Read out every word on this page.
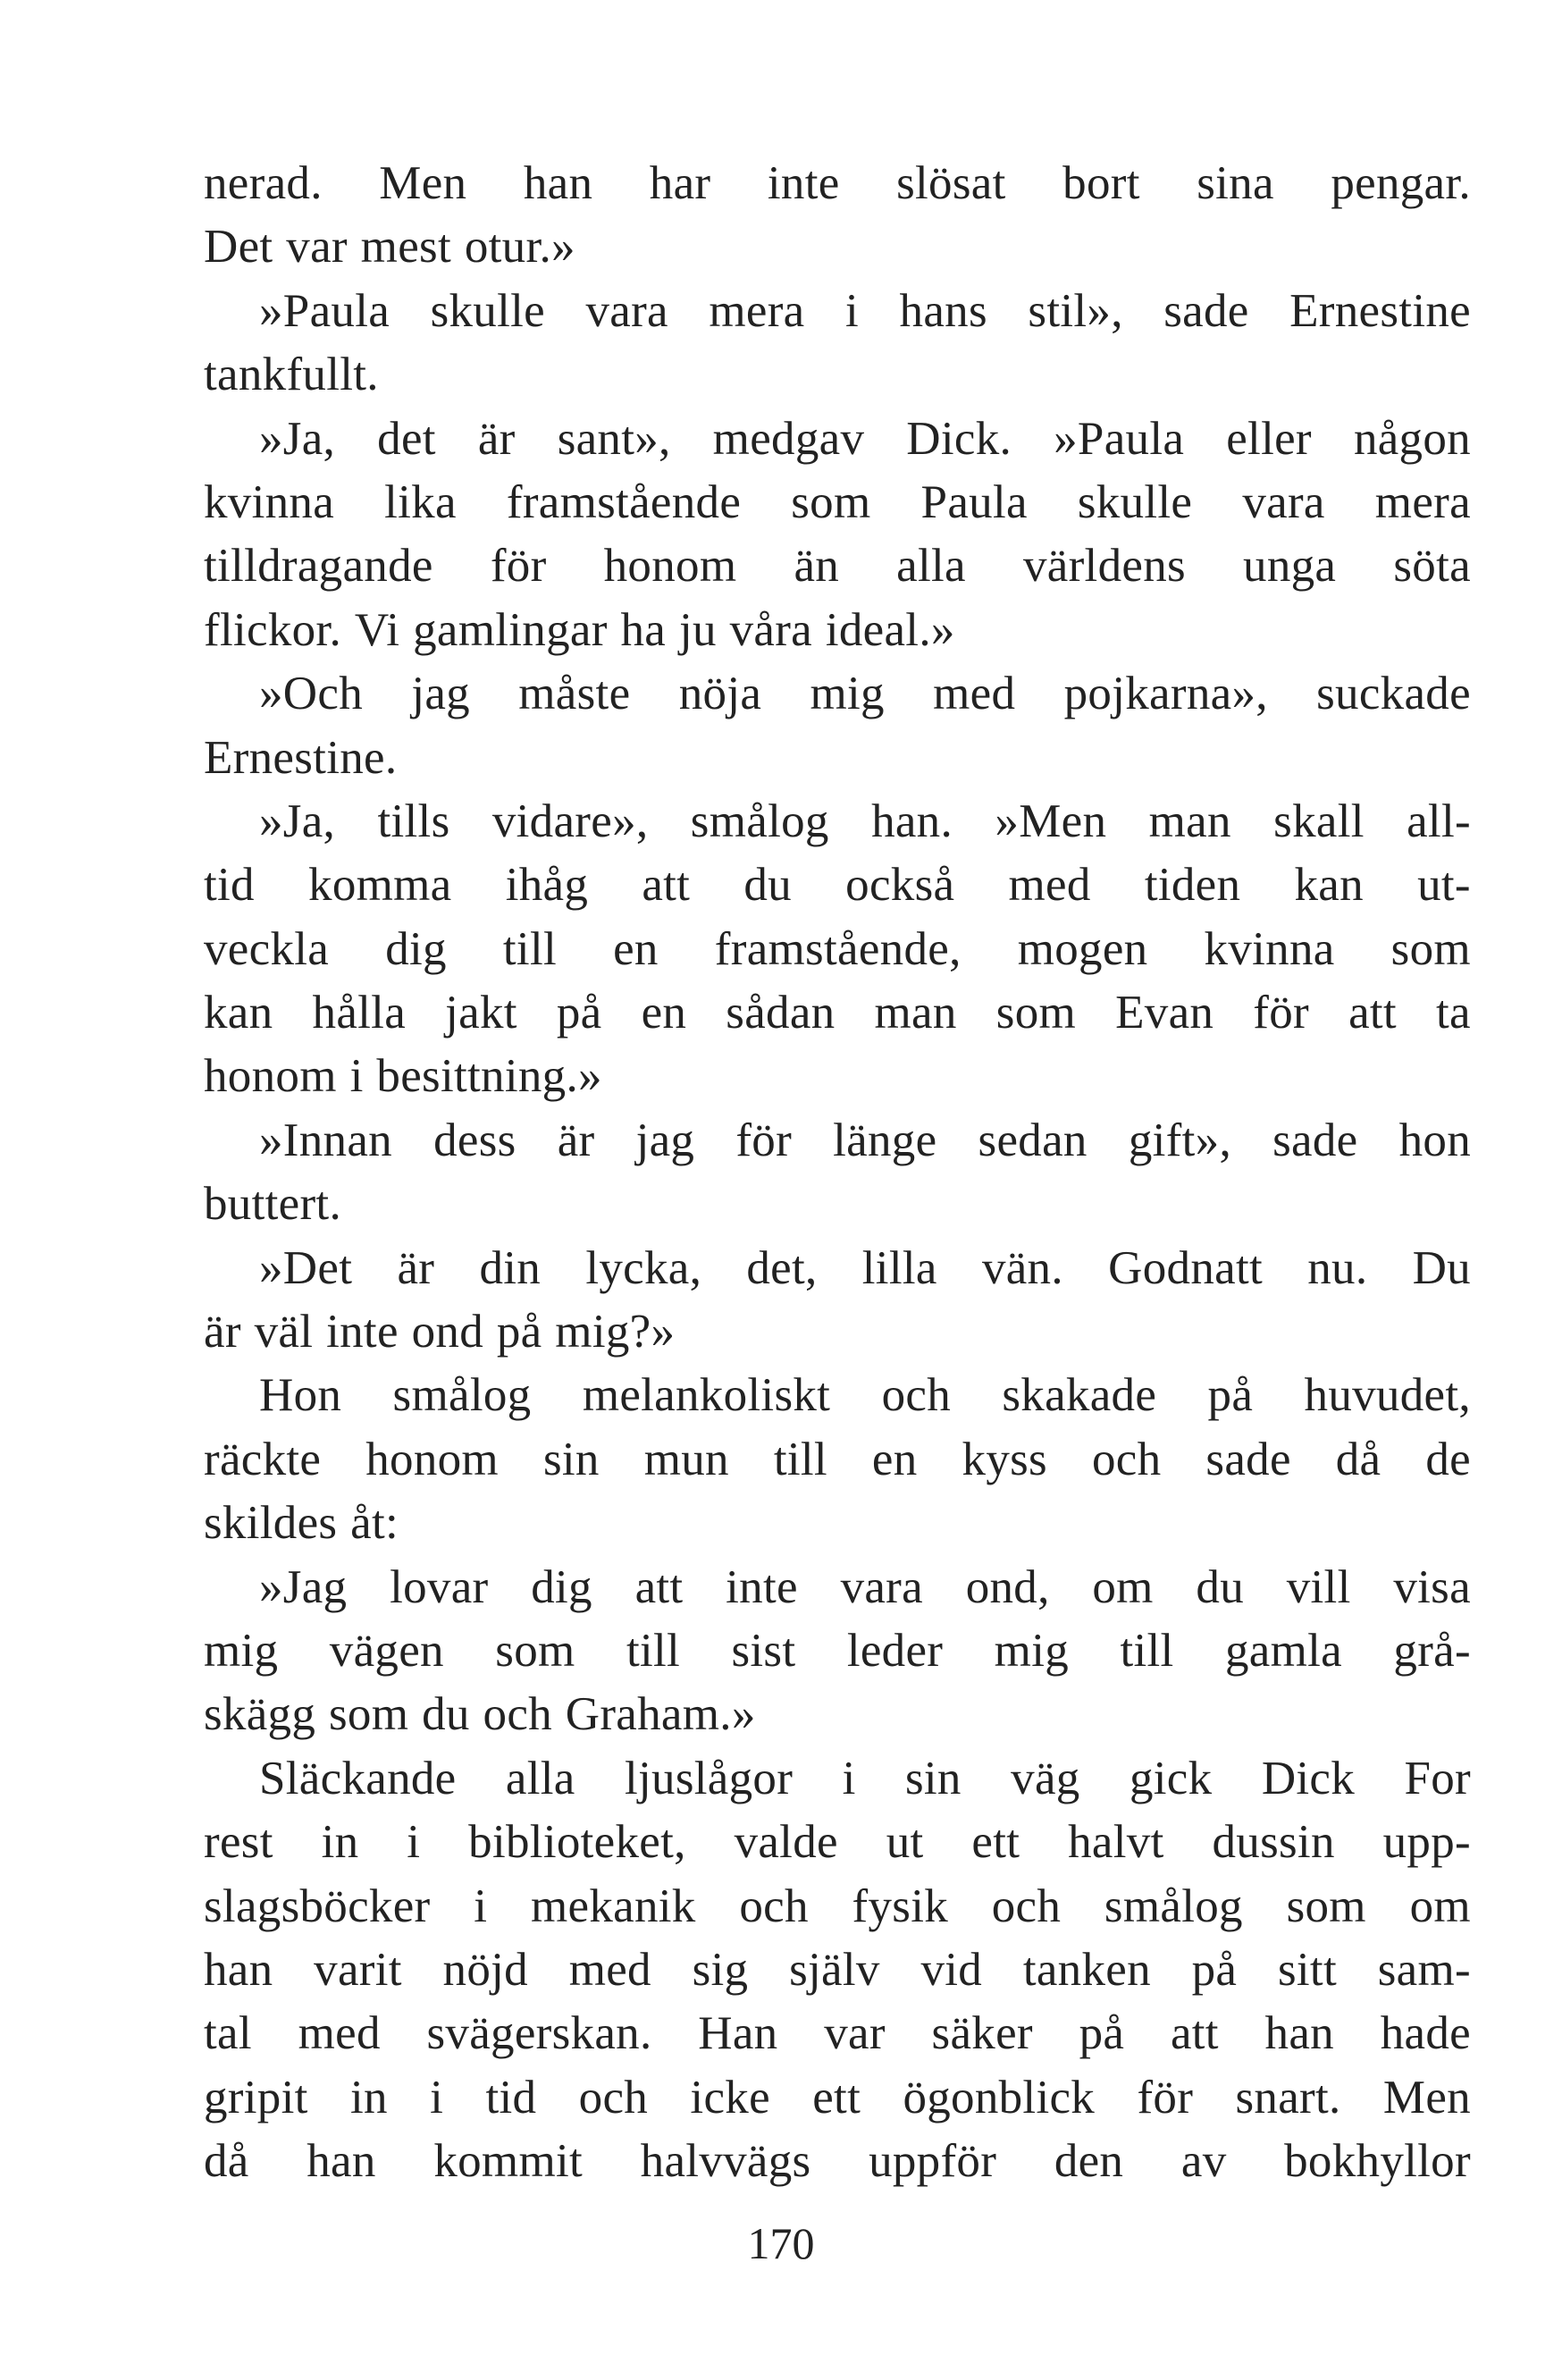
nerad. Men han har inte slösat bort sina pengar.
Det var mest otur.»
»Paula skulle vara mera i hans stil», sade Ernestine
tankfullt.
»Ja, det är sant», medgav Dick. »Paula eller någon
kvinna lika framstående som Paula skulle vara mera
tilldragande för honom än alla världens unga söta
flickor. Vi gamlingar ha ju våra ideal.»
»Och jag måste nöja mig med pojkarna», suckade
Ernestine.
»Ja, tills vidare», smålog han. »Men man skall all-
tid komma ihåg att du också med tiden kan ut-
veckla dig till en framstående, mogen kvinna som
kan hålla jakt på en sådan man som Evan för att ta
honom i besittning.»
»Innan dess är jag för länge sedan gift», sade hon
buttert.
»Det är din lycka, det, lilla vän. Godnatt nu. Du
är väl inte ond på mig?»
Hon smålog melankoliskt och skakade på huvudet,
räckte honom sin mun till en kyss och sade då de
skildes åt:
»Jag lovar dig att inte vara ond, om du vill visa
mig vägen som till sist leder mig till gamla grå-
skägg som du och Graham.»
Släckande alla ljuslågor i sin väg gick Dick For
rest in i biblioteket, valde ut ett halvt dussin upp-
slagsböcker i mekanik och fysik och smålog som om
han varit nöjd med sig själv vid tanken på sitt sam-
tal med svägerskan. Han var säker på att han hade
gripit in i tid och icke ett ögonblick för snart. Men
då han kommit halvvägs uppför den av bokhyllor
170
